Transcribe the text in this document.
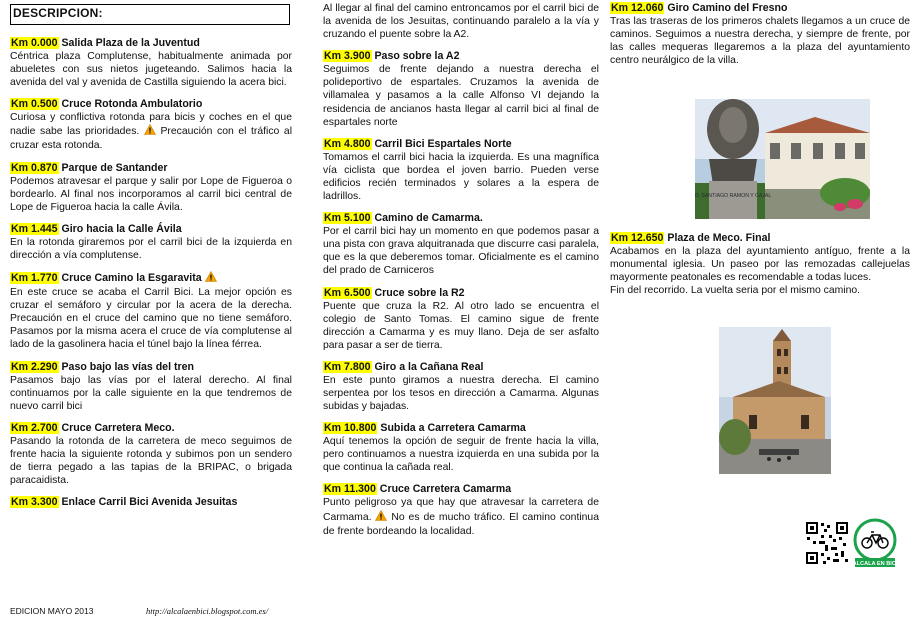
DESCRIPCION:
Km 0.000 Salida Plaza de la Juventud
Céntrica plaza Complutense, habitualmente animada por abueletes con sus nietos jugeteando. Salimos hacia la avenida del val y avenida de Castilla siguiendo la acera bici.
Km 0.500 Cruce Rotonda Ambulatorio
Curiosa y conflictiva rotonda para bicis y coches en el que nadie sabe las prioridades. Precaución con el tráfico al cruzar esta rotonda.
Km 0.870 Parque de Santander
Podemos atravesar el parque y salir por Lope de Figueroa o bordearlo. Al final nos incorporamos al carril bici central de Lope de Figueroa hacia la calle Ávila.
Km 1.445 Giro hacia la Calle Ávila
En la rotonda giraremos por el carril bici de la izquierda en dirección a vía complutense.
Km 1.770 Cruce Camino la Esgaravita
En este cruce se acaba el Carril Bici. La mejor opción es cruzar el semáforo y circular por la acera de la derecha. Precaución en el cruce del camino que no tiene semáforo. Pasamos por la misma acera el cruce de vía complutense al lado de la gasolinera hacia el túnel bajo la línea férrea.
Km 2.290 Paso bajo las vías del tren
Pasamos bajo las vías por el lateral derecho. Al final continuamos por la calle siguiente en la que tendremos de nuevo carril bici
Km 2.700 Cruce Carretera Meco.
Pasando la rotonda de la carretera de meco seguimos de frente hacia la siguiente rotonda y subimos pon un sendero de tierra pegado a las tapias de la BRIPAC, o brigada paracaidista.
Km 3.300 Enlace Carril Bici Avenida Jesuitas
Al llegar al final del camino entroncamos por el carril bici de la avenida de los Jesuitas, continuando paralelo a la vía y cruzando el puente sobre la A2.
Km 3.900 Paso sobre la A2
Seguimos de frente dejando a nuestra derecha el polideportivo de espartales. Cruzamos la avenida de villamalea y pasamos a la calle Alfonso VI dejando la residencia de ancianos hasta llegar al carril bici al final de espartales norte
Km 4.800 Carril Bici Espartales Norte
Tomamos el carril bici hacia la izquierda. Es una magnífica vía ciclista que bordea el joven barrio. Pueden verse edificios recién terminados y solares a la espera de ladrillos.
Km 5.100 Camino de Camarma.
Por el carril bici hay un momento en que podemos pasar a una pista con grava alquitranada que discurre casi paralela, que es la que deberemos tomar. Oficialmente es el camino del prado de Carniceros
Km 6.500 Cruce sobre la R2
Puente que cruza la R2. Al otro lado se encuentra el colegio de Santo Tomas. El camino sigue de frente dirección a Camarma y es muy llano. Deja de ser asfalto para pasar a ser de tierra.
Km 7.800 Giro a la Cañana Real
En este punto giramos a nuestra derecha. El camino serpentea por los tesos en dirección a Camarma. Algunas subidas y bajadas.
Km 10.800 Subida a Carretera Camarma
Aquí tenemos la opción de seguir de frente hacia la villa, pero continuamos a nuestra izquierda en una subida por la que continua la cañada real.
Km 11.300 Cruce Carretera Camarma
Punto peligroso ya que hay que atravesar la carretera de Carmama. No es de mucho tráfico. El camino continua de frente bordeando la localidad.
Km 12.060 Giro Camino del Fresno
Tras las traseras de los primeros chalets llegamos a un cruce de caminos. Seguimos a nuestra derecha, y siempre de frente, por las calles mequeras llegaremos a la plaza del ayuntamiento centro neurálgico de la villa.
Km 12.650 Plaza de Meco. Final
Acabamos en la plaza del ayuntamiento antíguo, frente a la monumental iglesia. Un paseo por las remozadas callejuelas mayormente peatonales es recomendable a todas luces.
Fin del recorrido. La vuelta seria por el mismo camino.
D. SANTIAGO RAMON Y CAJAL
ALCALA EN BICI
EDICION MAYO 2013	http://alcalaenbici.blogspot.com.es/
